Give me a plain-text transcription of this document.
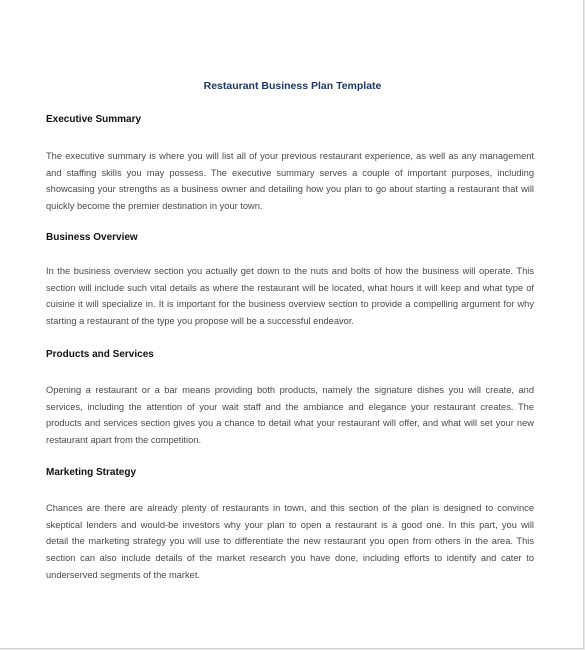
Restaurant Business Plan Template
Executive Summary
The executive summary is where you will list all of your previous restaurant experience, as well as any management
and staffing skills you may possess. The executive summary serves a couple of important purposes, including
showcasing your strengths as a business owner and detailing how you plan to go about starting a restaurant that will
quickly become the premier destination in your town.
Business Overview
In the business overview section you actually get down to the nuts and bolts of how the business will operate. This
section will include such vital details as where the restaurant will be located, what hours it will keep and what type of
cuisine it will specialize in. It is important for the business overview section to provide a compelling argument for why
starting a restaurant of the type you propose will be a successful endeavor.
Products and Services
Opening a restaurant or a bar means providing both products, namely the signature dishes you will create, and
services, including the attention of your wait staff and the ambiance and elegance your restaurant creates. The
products and services section gives you a chance to detail what your restaurant will offer, and what will set your new
restaurant apart from the competition.
Marketing Strategy
Chances are there are already plenty of restaurants in town, and this section of the plan is designed to convince
skeptical lenders and would-be investors why your plan to open a restaurant is a good one. In this part, you will
detail the marketing strategy you will use to differentiate the new restaurant you open from others in the area. This
section can also include details of the market research you have done, including efforts to identify and cater to
underserved segments of the market.
